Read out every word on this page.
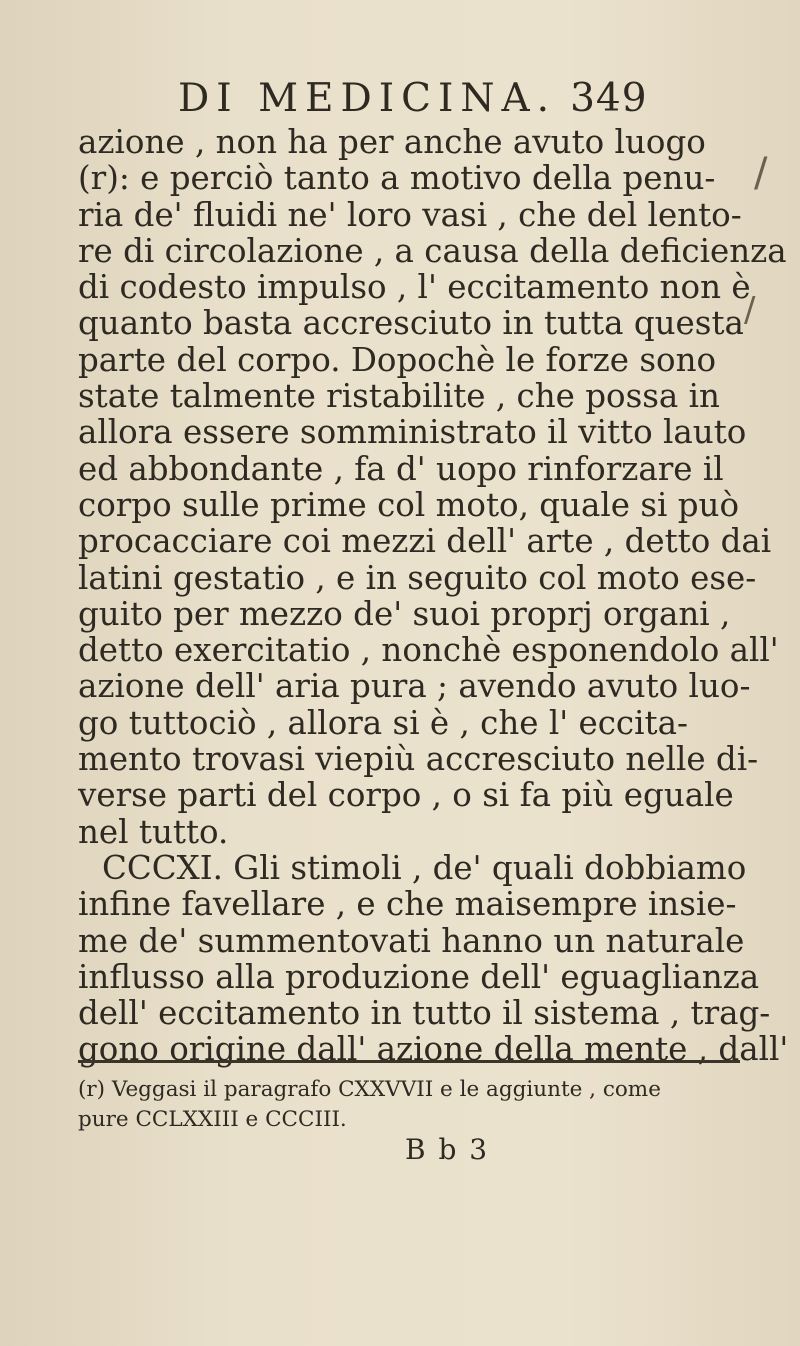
DI MEDICINA. 349
azione , non ha per anche avuto luogo
(r): e perciò tanto a motivo della penu-
ria de' fluidi ne' loro vasi , che del lento-
re di circolazione , a causa della deficienza
di codesto impulso , l' eccitamento non è
quanto basta accresciuto in tutta questa
parte del corpo. Dopochè le forze sono
state talmente ristabilite , che possa in
allora essere somministrato il vitto lauto
ed abbondante , fa d' uopo rinforzare il
corpo sulle prime col moto, quale si può
procacciare coi mezzi dell' arte , detto dai
latini gestatio , e in seguito col moto ese-
guito per mezzo de' suoi proprj organi ,
detto exercitatio , nonchè esponendolo all'
azione dell' aria pura ; avendo avuto luo-
go tuttociò , allora si è , che l' eccita-
mento trovasi viepiù accresciuto nelle di-
verse parti del corpo , o si fa più eguale
nel tutto.
CCCXI. Gli stimoli , de' quali dobbiamo
infine favellare , e che maisempre insie-
me de' summentovati hanno un naturale
influsso alla produzione dell' eguaglianza
dell' eccitamento in tutto il sistema , trag-
gono origine dall' azione della mente , dall'
(r) Veggasi il paragrafo CXXVVII e le aggiunte , come
pure CCLXXIII e CCCIII.
B b 3
/
/
